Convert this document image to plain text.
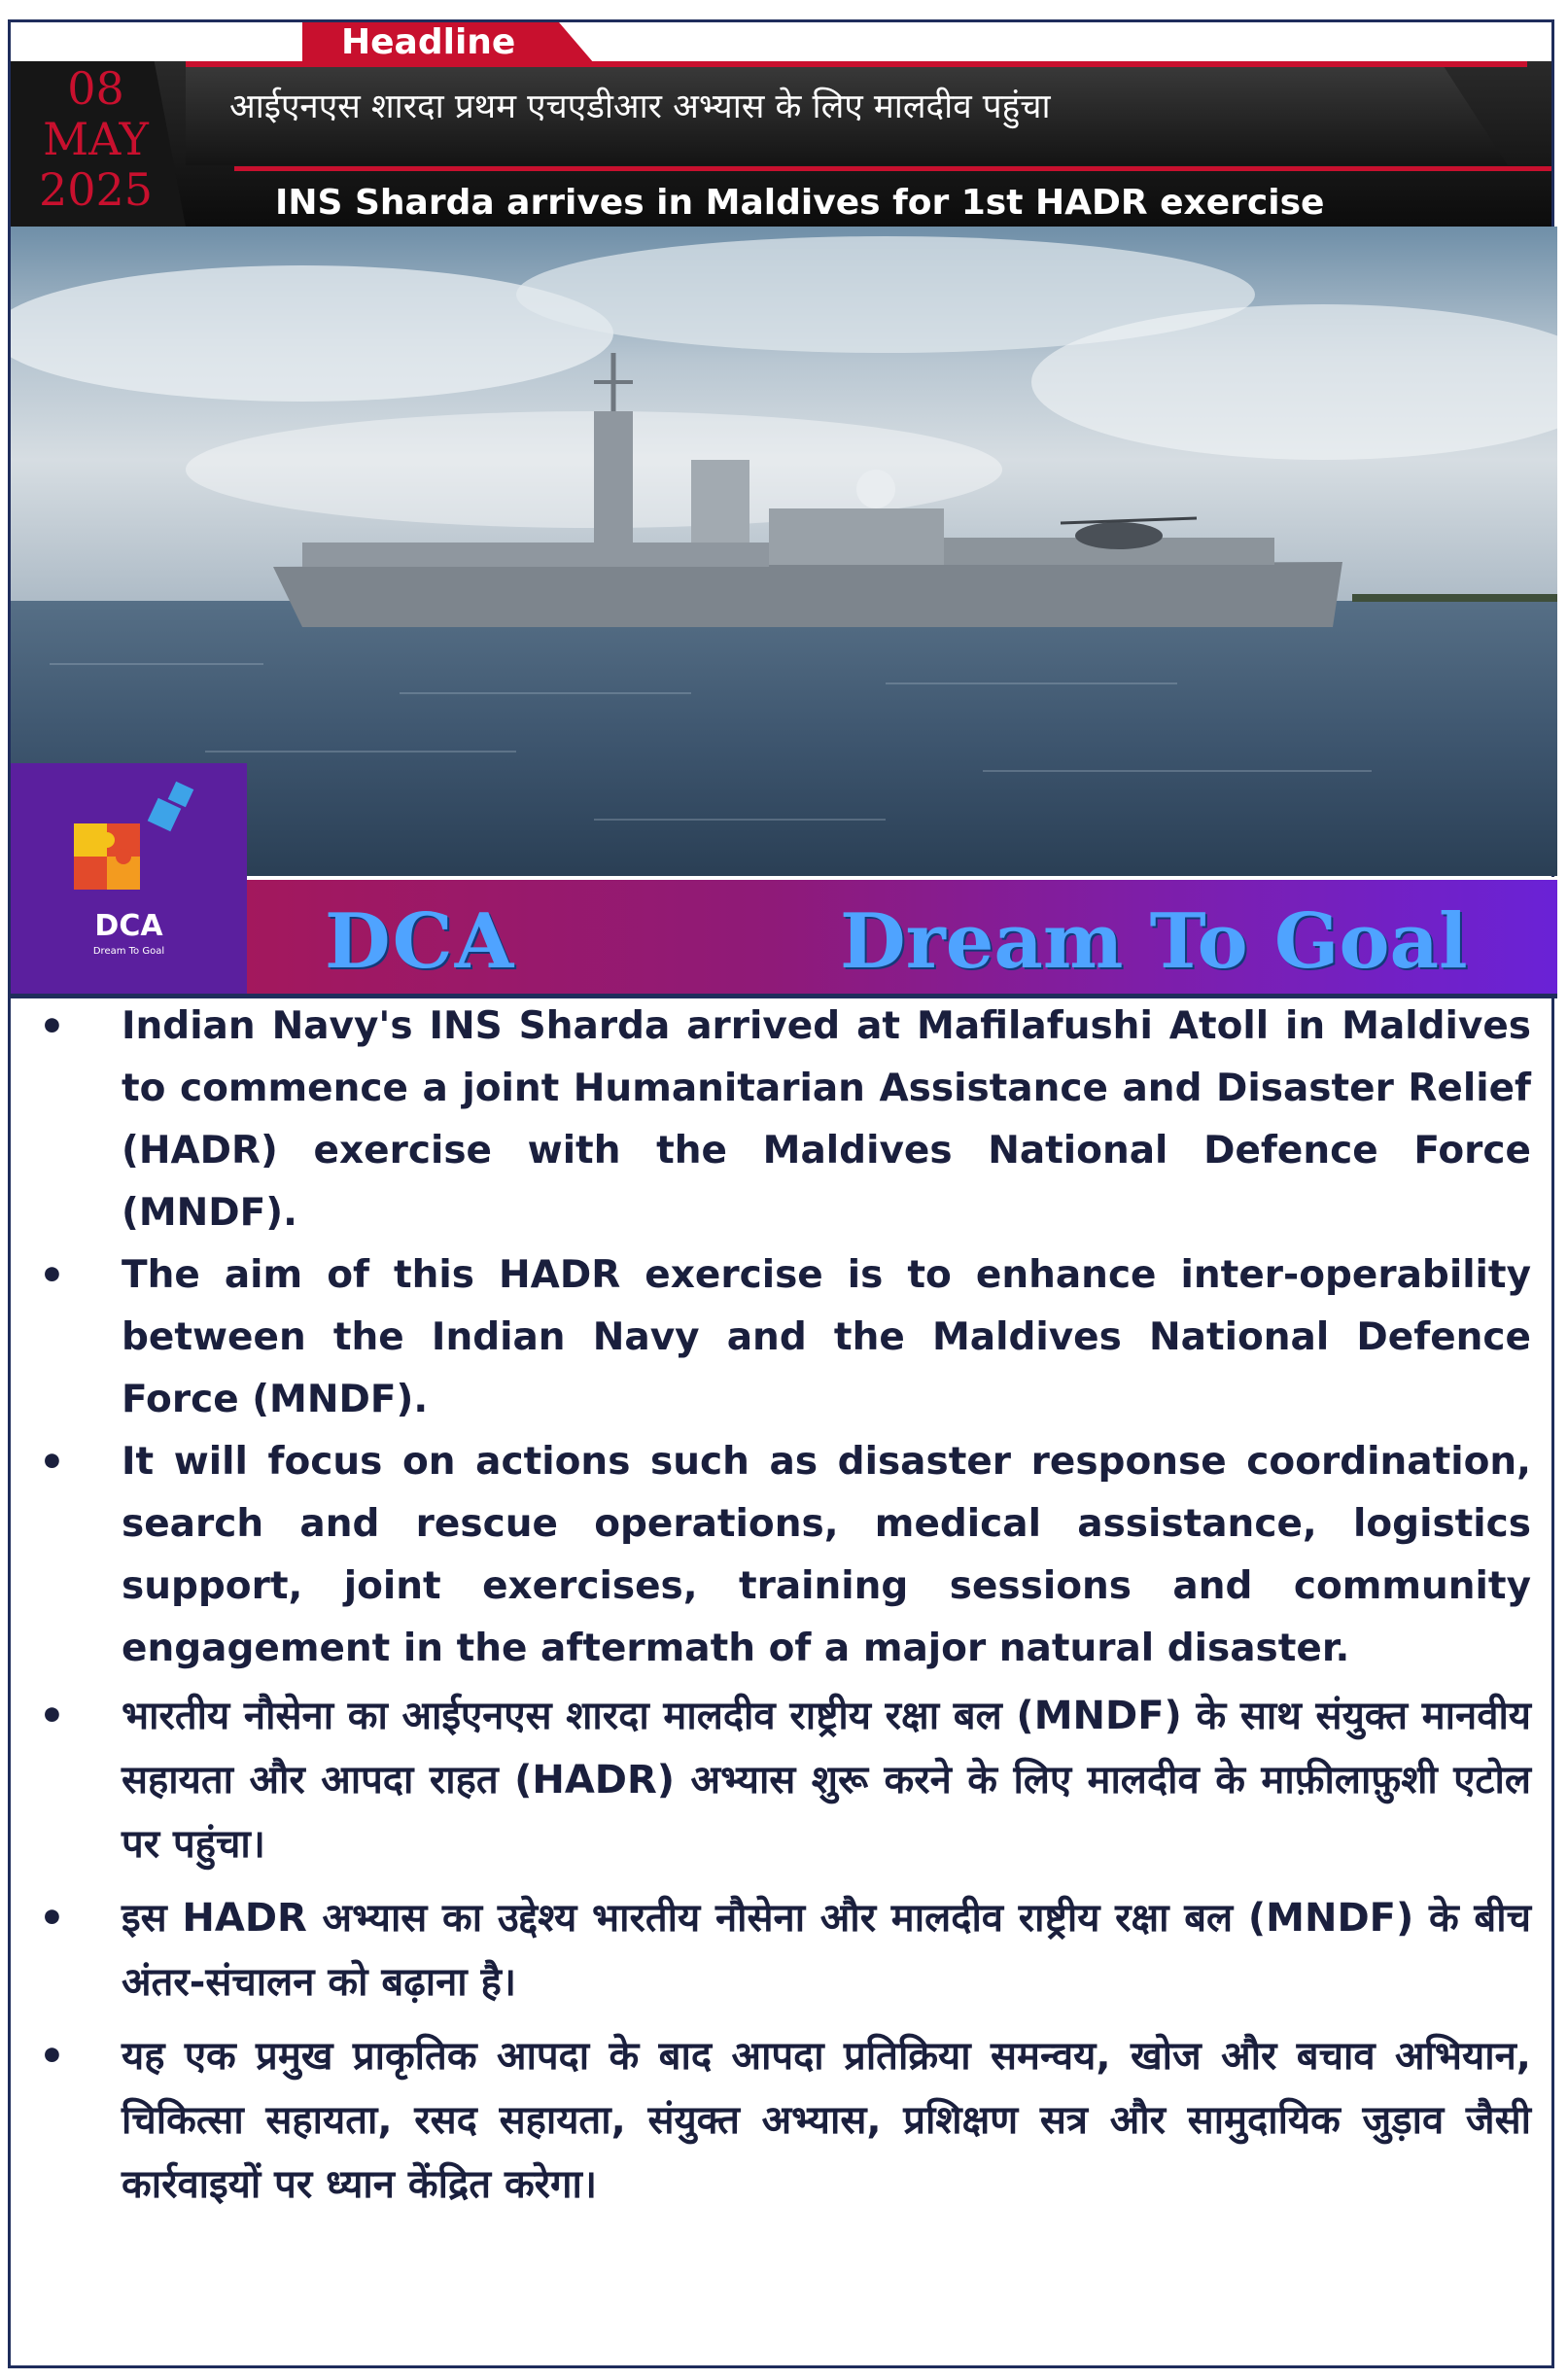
Headline
08
MAY
2025
आईएनएस शारदा प्रथम एचएडीआर अभ्यास के लिए मालदीव पहुंचा
INS Sharda arrives in Maldives for 1st HADR exercise
DCA
Dream To Goal	DCA	Dream To Goal
• Indian Navy's INS Sharda arrived at Mafilafushi Atoll in Maldives to commence a joint Humanitarian Assistance and Disaster Relief (HADR) exercise with the Maldives National Defence Force (MNDF).
• The aim of this HADR exercise is to enhance inter-operability between the Indian Navy and the Maldives National Defence Force (MNDF).
• It will focus on actions such as disaster response coordination, search and rescue operations, medical assistance, logistics support, joint exercises, training sessions and community engagement in the aftermath of a major natural disaster.
• भारतीय नौसेना का आईएनएस शारदा मालदीव राष्ट्रीय रक्षा बल (MNDF) के साथ संयुक्त मानवीय सहायता और आपदा राहत (HADR) अभ्यास शुरू करने के लिए मालदीव के माफ़ीलाफ़ुशी एटोल पर पहुंचा।
• इस HADR अभ्यास का उद्देश्य भारतीय नौसेना और मालदीव राष्ट्रीय रक्षा बल (MNDF) के बीच अंतर-संचालन को बढ़ाना है।
• यह एक प्रमुख प्राकृतिक आपदा के बाद आपदा प्रतिक्रिया समन्वय, खोज और बचाव अभियान, चिकित्सा सहायता, रसद सहायता, संयुक्त अभ्यास, प्रशिक्षण सत्र और सामुदायिक जुड़ाव जैसी कार्रवाइयों पर ध्यान केंद्रित करेगा।
